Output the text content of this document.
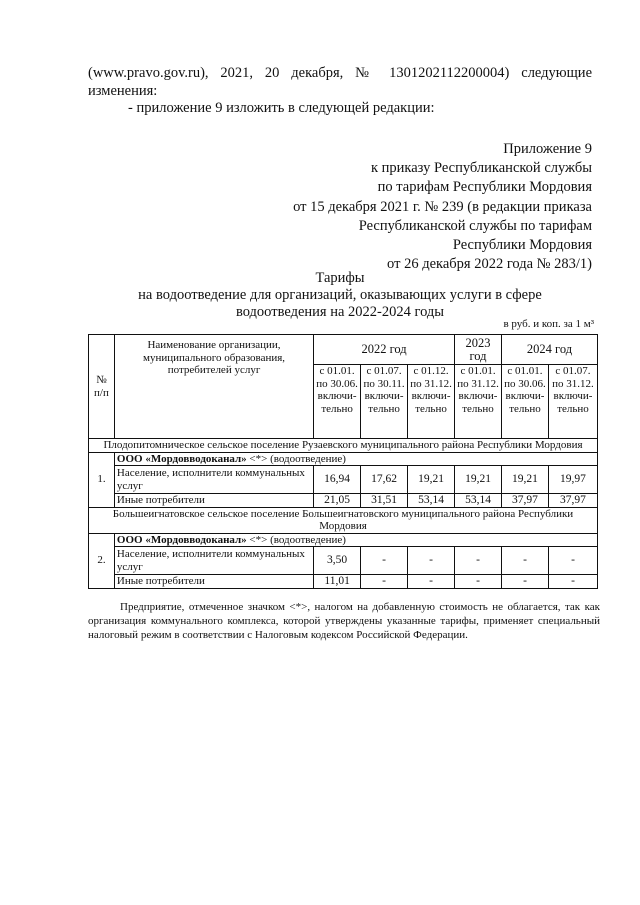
(www.pravo.gov.ru), 2021, 20 декабря, № 1301202112200004) следующие
изменения:
- приложение 9 изложить в следующей редакции:
Приложение 9
к приказу Республиканской службы
по тарифам Республики Мордовия
от 15 декабря 2021 г. № 239 (в редакции приказа
Республиканской службы по тарифам
Республики Мордовия
от 26 декабря 2022 года № 283/1)
Тарифы
на водоотведение для организаций, оказывающих услуги в сфере
водоотведения на 2022-2024 годы
в руб. и коп. за 1 м³
№ п/п	Наименование организации, муниципального образования, потребителей услуг	2022 год			2023 год	2024 год	
		с 01.01. по 30.06. включи-тельно	с 01.07. по 30.11. включи-тельно	с 01.12. по 31.12. включи-тельно	с 01.01. по 31.12. включи-тельно	с 01.01. по 30.06. включи-тельно	с 01.07. по 31.12. включи-тельно
Плодопитомническое сельское поселение Рузаевского муниципального района Республики Мордовия							
1.	ООО «Мордовводоканал» <*> (водоотведение)						
	Население, исполнители коммунальных услуг	16,94	17,62	19,21	19,21	19,21	19,97
	Иные потребители	21,05	31,51	53,14	53,14	37,97	37,97
Большеигнатовское сельское поселение Большеигнатовского муниципального района Республики Мордовия							
2.	ООО «Мордовводоканал» <*> (водоотведение)						
	Население, исполнители коммунальных услуг	3,50	-	-	-	-	-
	Иные потребители	11,01	-	-	-	-	-
Предприятие, отмеченное значком <*>, налогом на добавленную стоимость не облагается, так как организация коммунального комплекса, которой утверждены указанные тарифы, применяет специальный налоговый режим в соответствии с Налоговым кодексом Российской Федерации.
